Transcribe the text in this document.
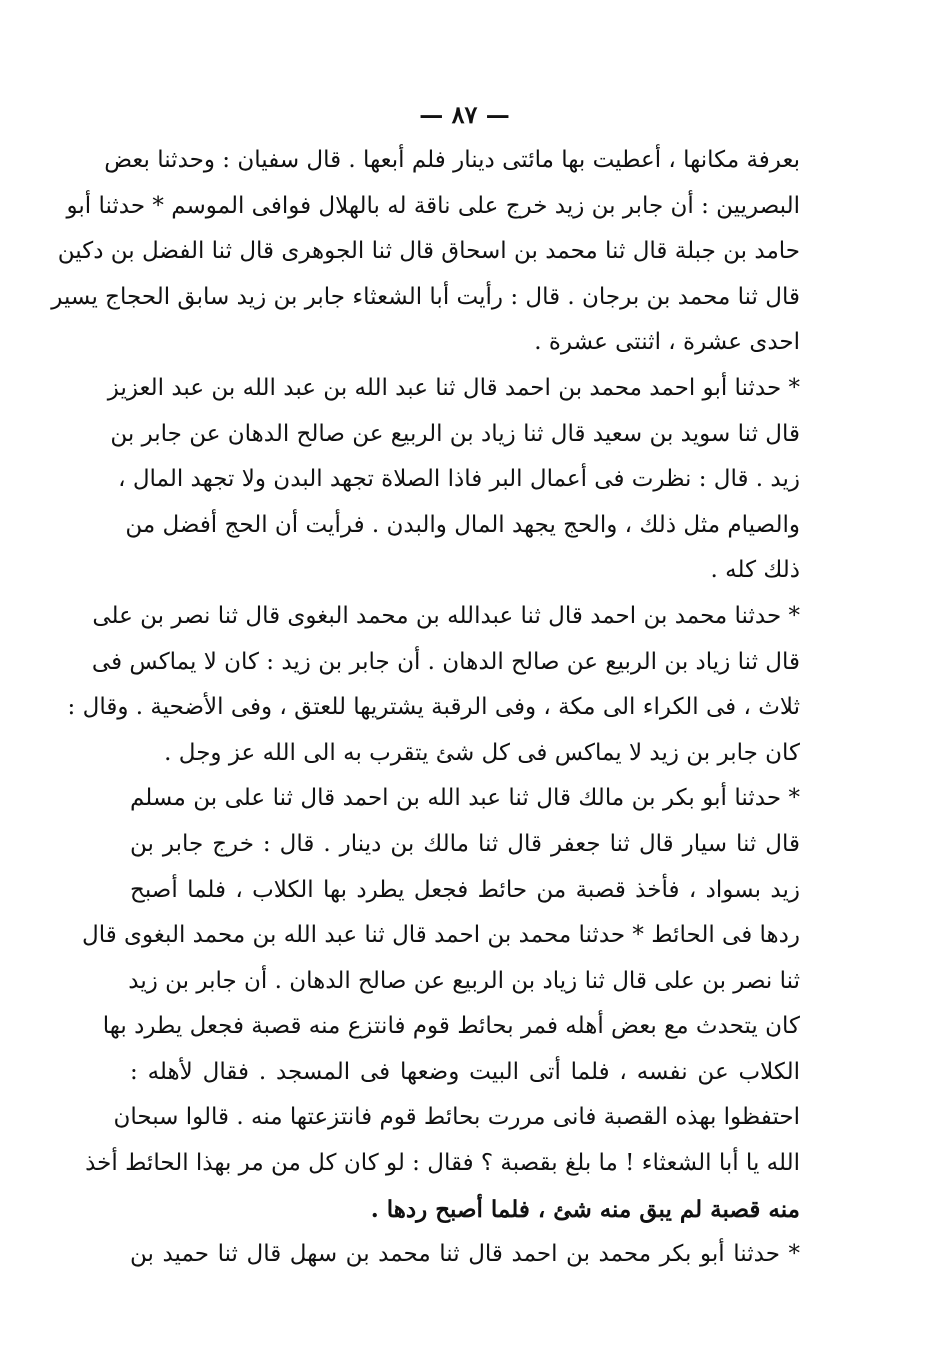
— ٨٧ —
بعرفة مكانها ، أعطيت بها مائتى دينار فلم أبعها . قال سفيان : وحدثنا بعض
البصريين : أن جابر بن زيد خرج على ناقة له بالهلال فوافى الموسم * حدثنا أبو
حامد بن جبلة قال ثنا محمد بن اسحاق قال ثنا الجوهرى قال ثنا الفضل بن دكين
قال ثنا محمد بن برجان . قال : رأيت أبا الشعثاء جابر بن زيد سابق الحجاج يسير
احدى عشرة ، اثنتى عشرة .
* حدثنا أبو احمد محمد بن احمد قال ثنا عبد الله بن عبد الله بن عبد العزيز
قال ثنا سويد بن سعيد قال ثنا زياد بن الربيع عن صالح الدهان عن جابر بن
زيد . قال : نظرت فى أعمال البر فاذا الصلاة تجهد البدن ولا تجهد المال ،
والصيام مثل ذلك ، والحج يجهد المال والبدن . فرأيت أن الحج أفضل من
ذلك كله .
* حدثنا محمد بن احمد قال ثنا عبدالله بن محمد البغوى قال ثنا نصر بن على
قال ثنا زياد بن الربيع عن صالح الدهان . أن جابر بن زيد : كان لا يماكس فى
ثلاث ، فى الكراء الى مكة ، وفى الرقبة يشتريها للعتق ، وفى الأضحية . وقال :
كان جابر بن زيد لا يماكس فى كل شئ يتقرب به الى الله عز وجل .
* حدثنا أبو بكر بن مالك قال ثنا عبد الله بن احمد قال ثنا على بن مسلم
قال ثنا سيار قال ثنا جعفر قال ثنا مالك بن دينار . قال : خرج جابر بن
زيد بسواد ، فأخذ قصبة من حائط فجعل يطرد بها الكلاب ، فلما أصبح
ردها فى الحائط * حدثنا محمد بن احمد قال ثنا عبد الله بن محمد البغوى قال
ثنا نصر بن على قال ثنا زياد بن الربيع عن صالح الدهان . أن جابر بن زيد
كان يتحدث مع بعض أهله فمر بحائط قوم فانتزع منه قصبة فجعل يطرد بها
الكلاب عن نفسه ، فلما أتى البيت وضعها فى المسجد . فقال لأهله :
احتفظوا بهذه القصبة فانى مررت بحائط قوم فانتزعتها منه . قالوا سبحان
الله يا أبا الشعثاء ! ما بلغ بقصبة ؟ فقال : لو كان كل من مر بهذا الحائط أخذ
منه قصبة لم يبق منه شئ ، فلما أصبح ردها .
* حدثنا أبو بكر محمد بن احمد قال ثنا محمد بن سهل قال ثنا حميد بن
